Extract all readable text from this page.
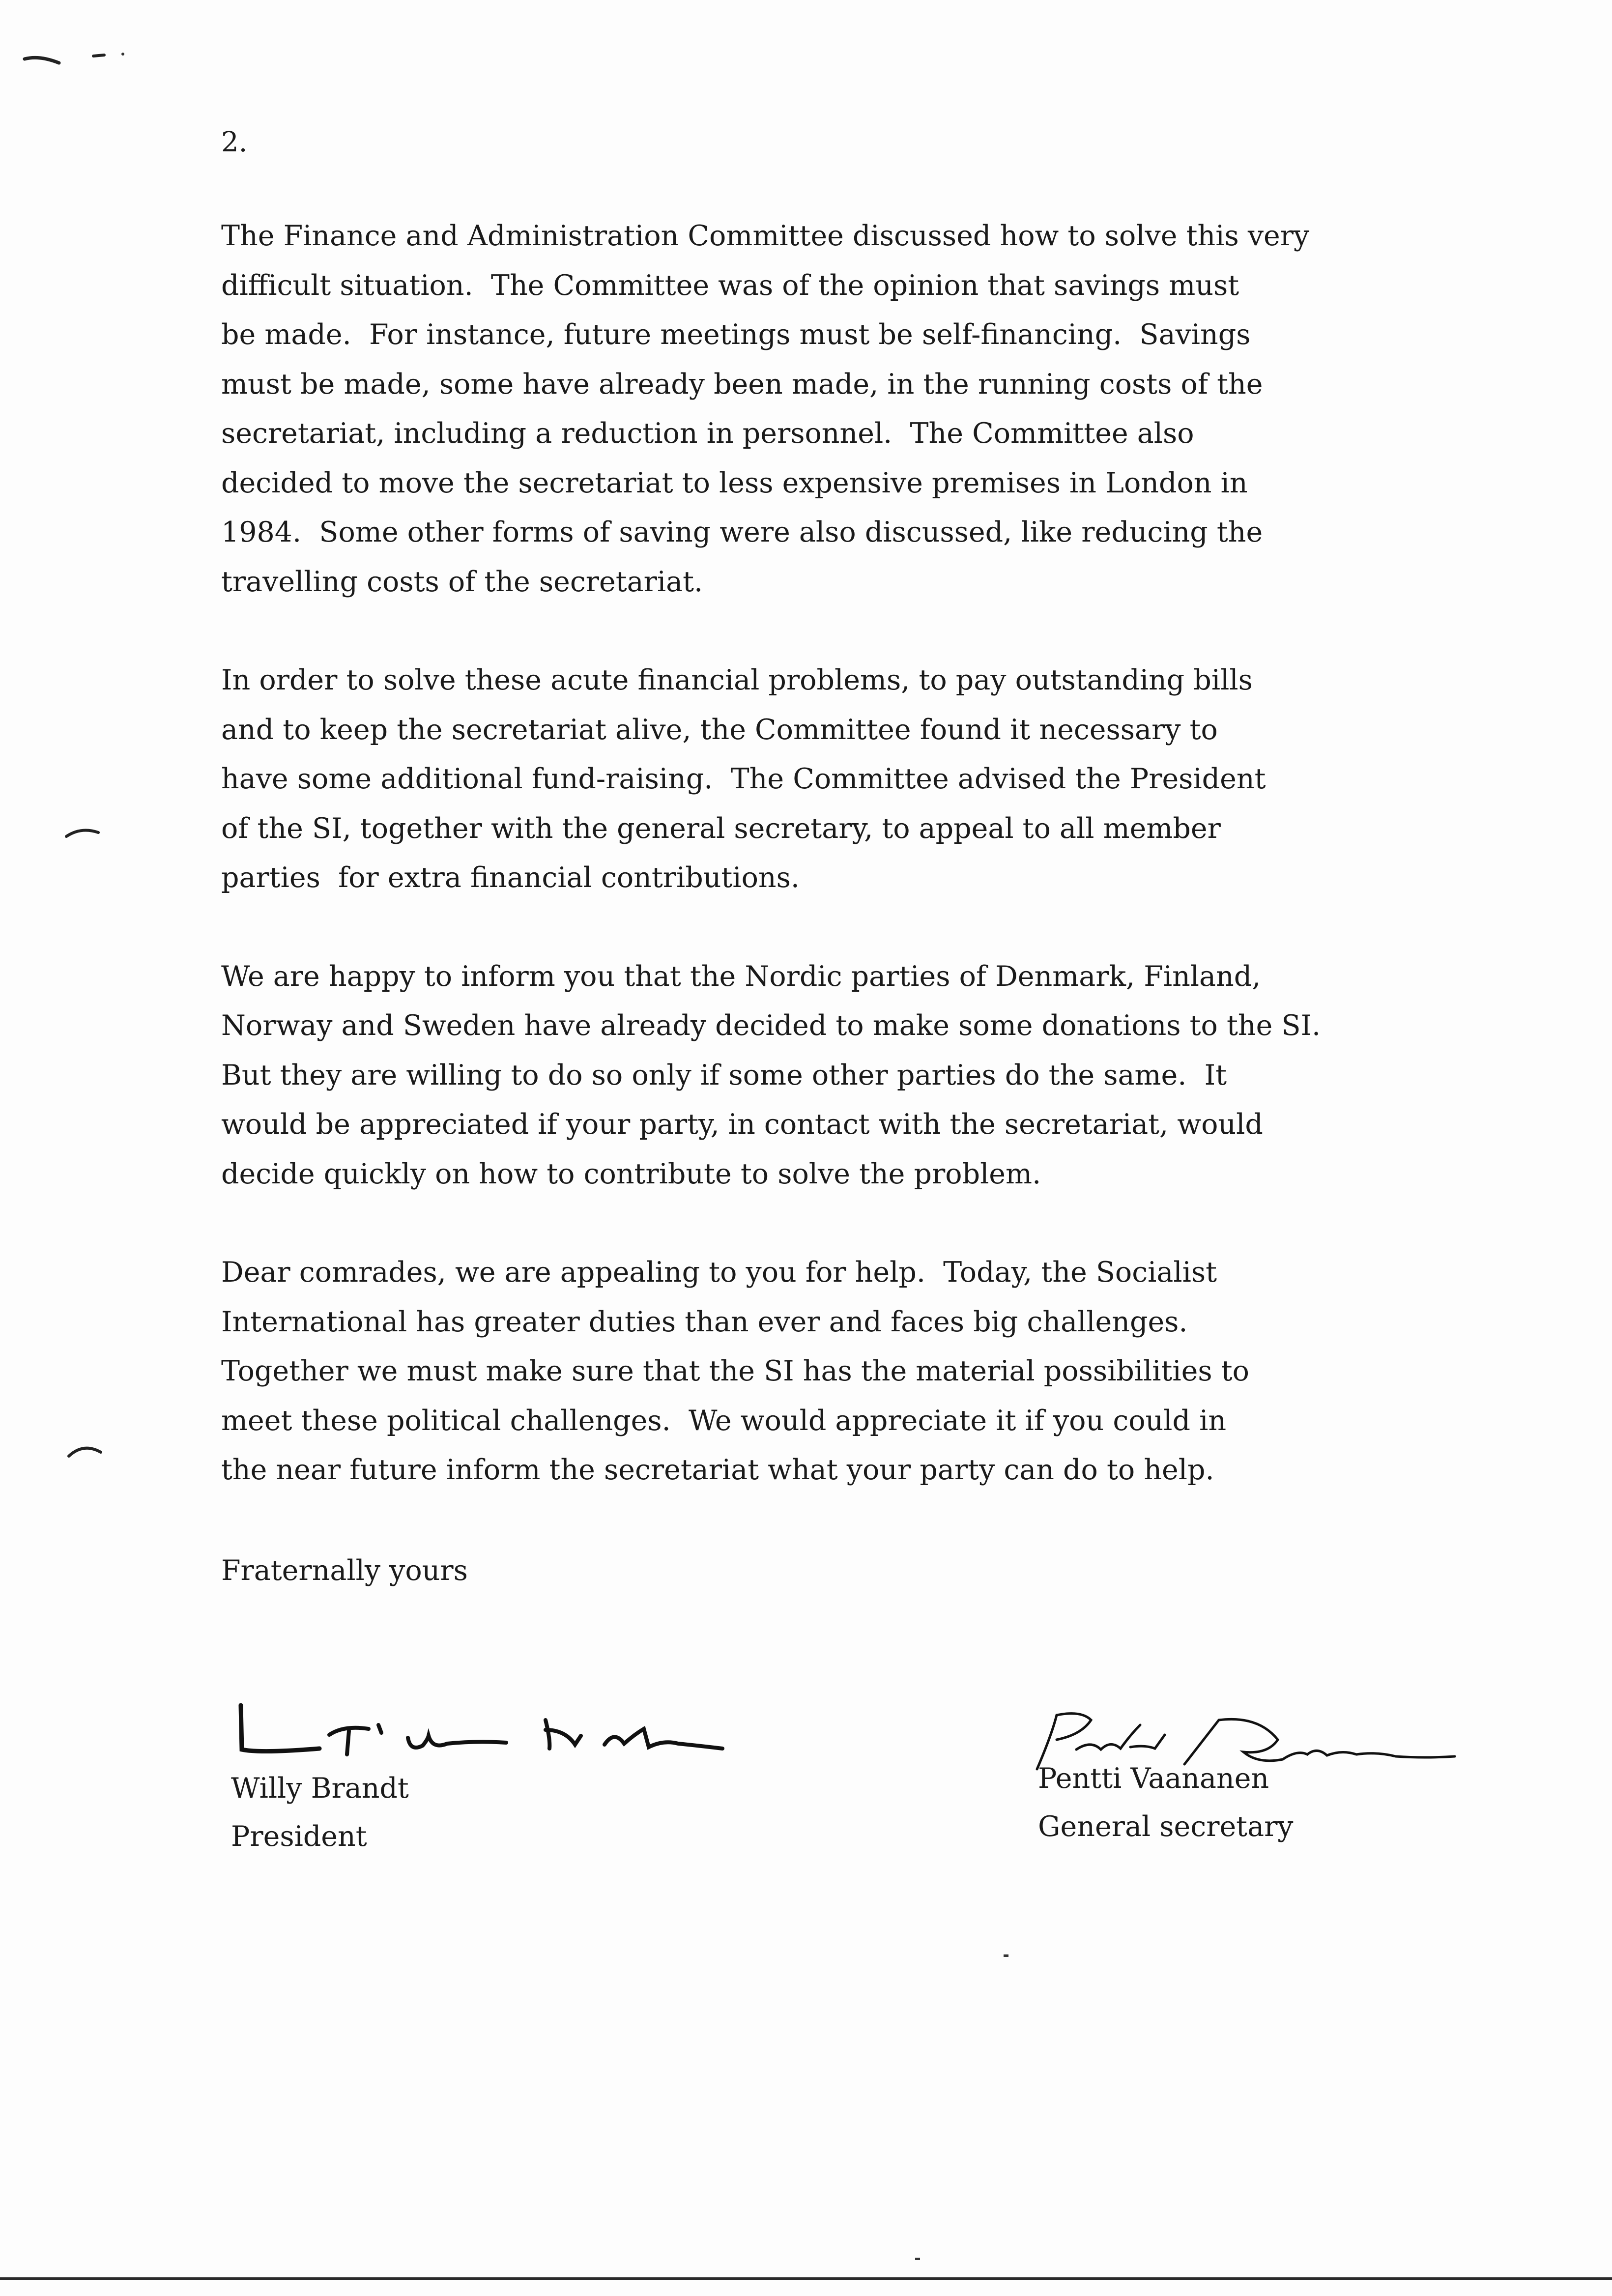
2.

The Finance and Administration Committee discussed how to solve this very
difficult situation.  The Committee was of the opinion that savings must
be made.  For instance, future meetings must be self-financing.  Savings
must be made, some have already been made, in the running costs of the
secretariat, including a reduction in personnel.  The Committee also
decided to move the secretariat to less expensive premises in London in
1984.  Some other forms of saving were also discussed, like reducing the
travelling costs of the secretariat.

In order to solve these acute financial problems, to pay outstanding bills
and to keep the secretariat alive, the Committee found it necessary to
have some additional fund-raising.  The Committee advised the President
of the SI, together with the general secretary, to appeal to all member
parties  for extra financial contributions.

We are happy to inform you that the Nordic parties of Denmark, Finland,
Norway and Sweden have already decided to make some donations to the SI.
But they are willing to do so only if some other parties do the same.  It
would be appreciated if your party, in contact with the secretariat, would
decide quickly on how to contribute to solve the problem.

Dear comrades, we are appealing to you for help.  Today, the Socialist
International has greater duties than ever and faces big challenges.
Together we must make sure that the SI has the material possibilities to
meet these political challenges.  We would appreciate it if you could in
the near future inform the secretariat what your party can do to help.

Fraternally yours
Willy Brandt
President
Pentti Vaananen
General secretary
